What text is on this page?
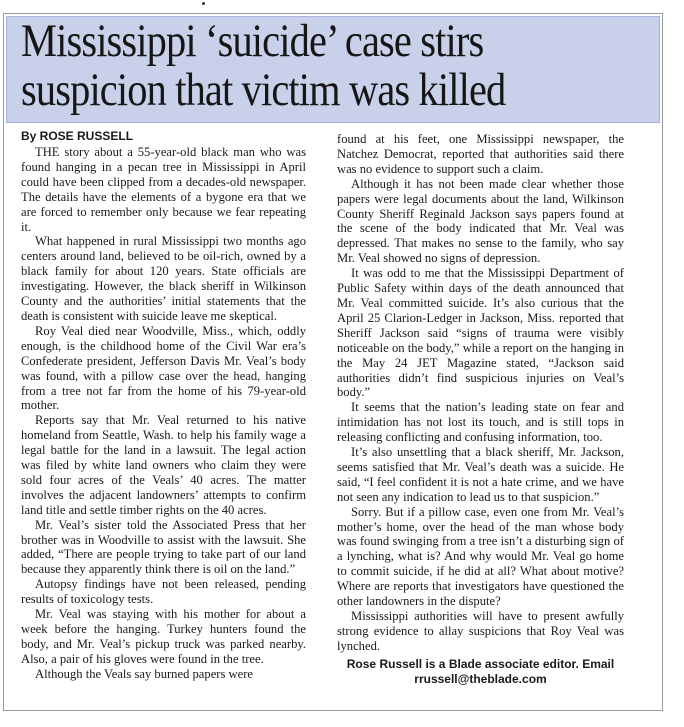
Mississippi ‘suicide’ case stirs
suspicion that victim was killed
By ROSE RUSSELL

THE story about a 55-year-old black man who was found hanging in a pecan tree in Mississippi in April could have been clipped from a decades-old newspaper. The details have the elements of a bygone era that we are forced to remember only because we fear repeating it.

What happened in rural Mississippi two months ago centers around land, believed to be oil-rich, owned by a black family for about 120 years. State officials are investigating. However, the black sheriff in Wilkinson County and the authorities’ initial statements that the death is consistent with suicide leave me skeptical.

Roy Veal died near Woodville, Miss., which, oddly enough, is the childhood home of the Civil War era’s Confederate president, Jefferson Davis Mr. Veal’s body was found, with a pillow case over the head, hanging from a tree not far from the home of his 79-year-old mother.

Reports say that Mr. Veal returned to his native homeland from Seattle, Wash. to help his family wage a legal battle for the land in a lawsuit. The legal action was filed by white land owners who claim they were sold four acres of the Veals’ 40 acres. The matter involves the adjacent landowners’ attempts to confirm land title and settle timber rights on the 40 acres.

Mr. Veal’s sister told the Associated Press that her brother was in Woodville to assist with the lawsuit. She added, “There are people trying to take part of our land because they apparently think there is oil on the land.”

Autopsy findings have not been released, pending results of toxicology tests.

Mr. Veal was staying with his mother for about a week before the hanging. Turkey hunters found the body, and Mr. Veal’s pickup truck was parked nearby. Also, a pair of his gloves were found in the tree.

Although the Veals say burned papers were

found at his feet, one Mississippi newspaper, the Natchez Democrat, reported that authorities said there was no evidence to support such a claim.

Although it has not been made clear whether those papers were legal documents about the land, Wilkinson County Sheriff Reginald Jackson says papers found at the scene of the body indicated that Mr. Veal was depressed. That makes no sense to the family, who say Mr. Veal showed no signs of depression.

It was odd to me that the Mississippi Department of Public Safety within days of the death announced that Mr. Veal committed suicide. It’s also curious that the April 25 Clarion-Ledger in Jackson, Miss. reported that Sheriff Jackson said “signs of trauma were visibly noticeable on the body,” while a report on the hanging in the May 24 JET Magazine stated, “Jackson said authorities didn’t find suspicious injuries on Veal’s body.”

It seems that the nation’s leading state on fear and intimidation has not lost its touch, and is still tops in releasing conflicting and confusing information, too.

It’s also unsettling that a black sheriff, Mr. Jackson, seems satisfied that Mr. Veal’s death was a suicide. He said, “I feel confident it is not a hate crime, and we have not seen any indication to lead us to that suspicion.”

Sorry. But if a pillow case, even one from Mr. Veal’s mother’s home, over the head of the man whose body was found swinging from a tree isn’t a disturbing sign of a lynching, what is? And why would Mr. Veal go home to commit suicide, if he did at all? What about motive? Where are reports that investigators have questioned the other landowners in the dispute?

Mississippi authorities will have to present awfully strong evidence to allay suspicions that Roy Veal was lynched.

Rose Russell is a Blade associate editor. Email
rrussell@theblade.com
